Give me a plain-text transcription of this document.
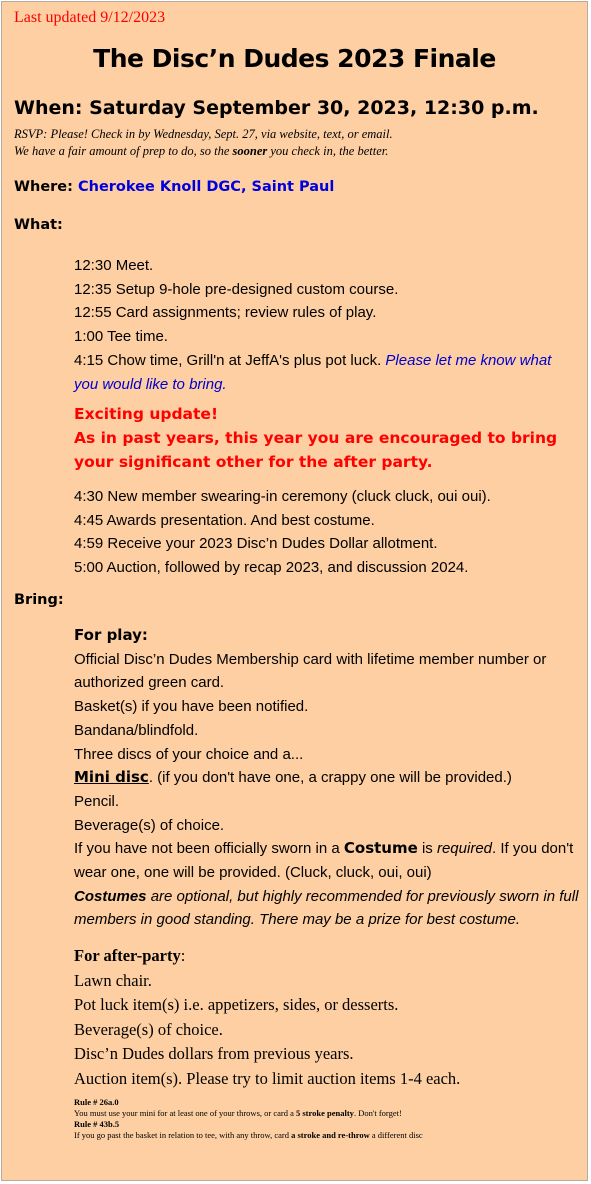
Last updated 9/12/2023
The Disc’n Dudes 2023 Finale
When: Saturday September 30, 2023, 12:30 p.m.
RSVP: Please! Check in by Wednesday, Sept. 27, via website, text, or email.
We have a fair amount of prep to do, so the sooner you check in, the better.
Where: Cherokee Knoll DGC, Saint Paul
What:
12:30 Meet.
12:35 Setup 9-hole pre-designed custom course.
12:55 Card assignments; review rules of play.
1:00 Tee time.
4:15 Chow time, Grill'n at JeffA's plus pot luck. Please let me know what you would like to bring.
Exciting update!
As in past years, this year you are encouraged to bring your significant other for the after party.
4:30 New member swearing-in ceremony (cluck cluck, oui oui).
4:45 Awards presentation. And best costume.
4:59 Receive your 2023 Disc’n Dudes Dollar allotment.
5:00 Auction, followed by recap 2023, and discussion 2024.
Bring:
For play:
Official Disc’n Dudes Membership card with lifetime member number or authorized green card.
Basket(s) if you have been notified.
Bandana/blindfold.
Three discs of your choice and a...
Mini disc. (if you don't have one, a crappy one will be provided.)
Pencil.
Beverage(s) of choice.
If you have not been officially sworn in a Costume is required. If you don't wear one, one will be provided. (Cluck, cluck, oui, oui)
Costumes are optional, but highly recommended for previously sworn in full members in good standing. There may be a prize for best costume.
For after-party:
Lawn chair.
Pot luck item(s) i.e. appetizers, sides, or desserts.
Beverage(s) of choice.
Disc’n Dudes dollars from previous years.
Auction item(s). Please try to limit auction items 1-4 each.
Rule # 26a.0
You must use your mini for at least one of your throws, or card a 5 stroke penalty. Don't forget!
Rule # 43b.5
If you go past the basket in relation to tee, with any throw, card a stroke and re-throw a different disc
